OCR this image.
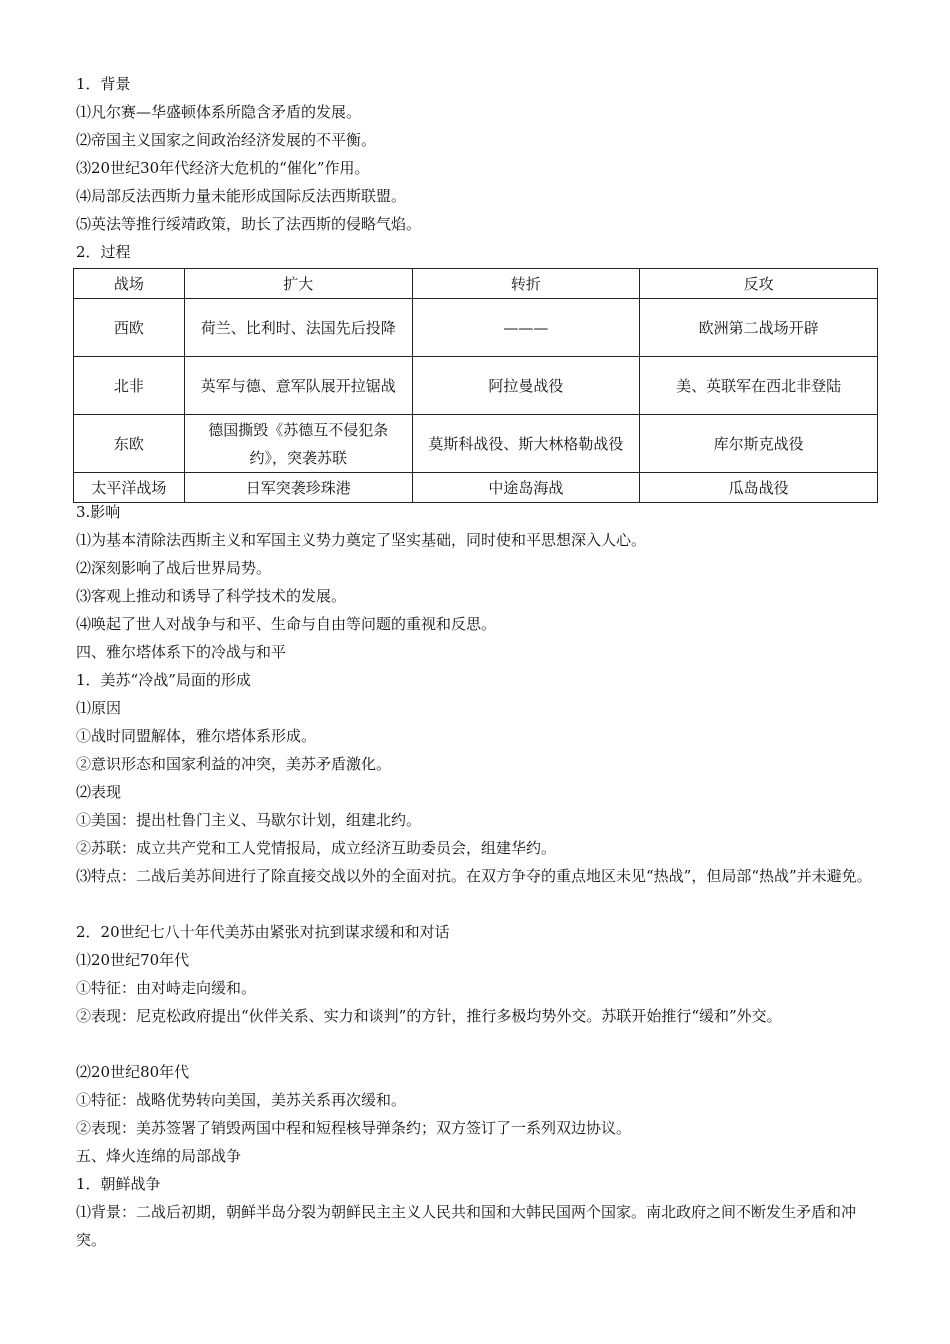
1．背景
⑴凡尔赛—华盛顿体系所隐含矛盾的发展。
⑵帝国主义国家之间政治经济发展的不平衡。
⑶20世纪30年代经济大危机的“催化”作用。
⑷局部反法西斯力量未能形成国际反法西斯联盟。
⑸英法等推行绥靖政策，助长了法西斯的侵略气焰。
2．过程
战场	扩大	转折	反攻
西欧	荷兰、比利时、法国先后投降	———	欧洲第二战场开辟
北非	英军与德、意军队展开拉锯战	阿拉曼战役	美、英联军在西北非登陆
东欧	德国撕毁《苏德互不侵犯条约》，突袭苏联	莫斯科战役、斯大林格勒战役	库尔斯克战役
太平洋战场	日军突袭珍珠港	中途岛海战	瓜岛战役
3.影响
⑴为基本清除法西斯主义和军国主义势力奠定了坚实基础，同时使和平思想深入人心。
⑵深刻影响了战后世界局势。
⑶客观上推动和诱导了科学技术的发展。
⑷唤起了世人对战争与和平、生命与自由等问题的重视和反思。
四、雅尔塔体系下的冷战与和平
1．美苏“冷战”局面的形成
⑴原因
①战时同盟解体，雅尔塔体系形成。
②意识形态和国家利益的冲突，美苏矛盾激化。
⑵表现
①美国：提出杜鲁门主义、马歇尔计划，组建北约。
②苏联：成立共产党和工人党情报局，成立经济互助委员会，组建华约。
⑶特点：二战后美苏间进行了除直接交战以外的全面对抗。在双方争夺的重点地区未见“热战”，但局部“热战”并未避免。
2．20世纪七八十年代美苏由紧张对抗到谋求缓和和对话
⑴20世纪70年代
①特征：由对峙走向缓和。
②表现：尼克松政府提出“伙伴关系、实力和谈判”的方针，推行多极均势外交。苏联开始推行“缓和”外交。
⑵20世纪80年代
①特征：战略优势转向美国，美苏关系再次缓和。
②表现：美苏签署了销毁两国中程和短程核导弹条约；双方签订了一系列双边协议。
五、烽火连绵的局部战争
1．朝鲜战争
⑴背景：二战后初期，朝鲜半岛分裂为朝鲜民主主义人民共和国和大韩民国两个国家。南北政府之间不断发生矛盾和冲突。
